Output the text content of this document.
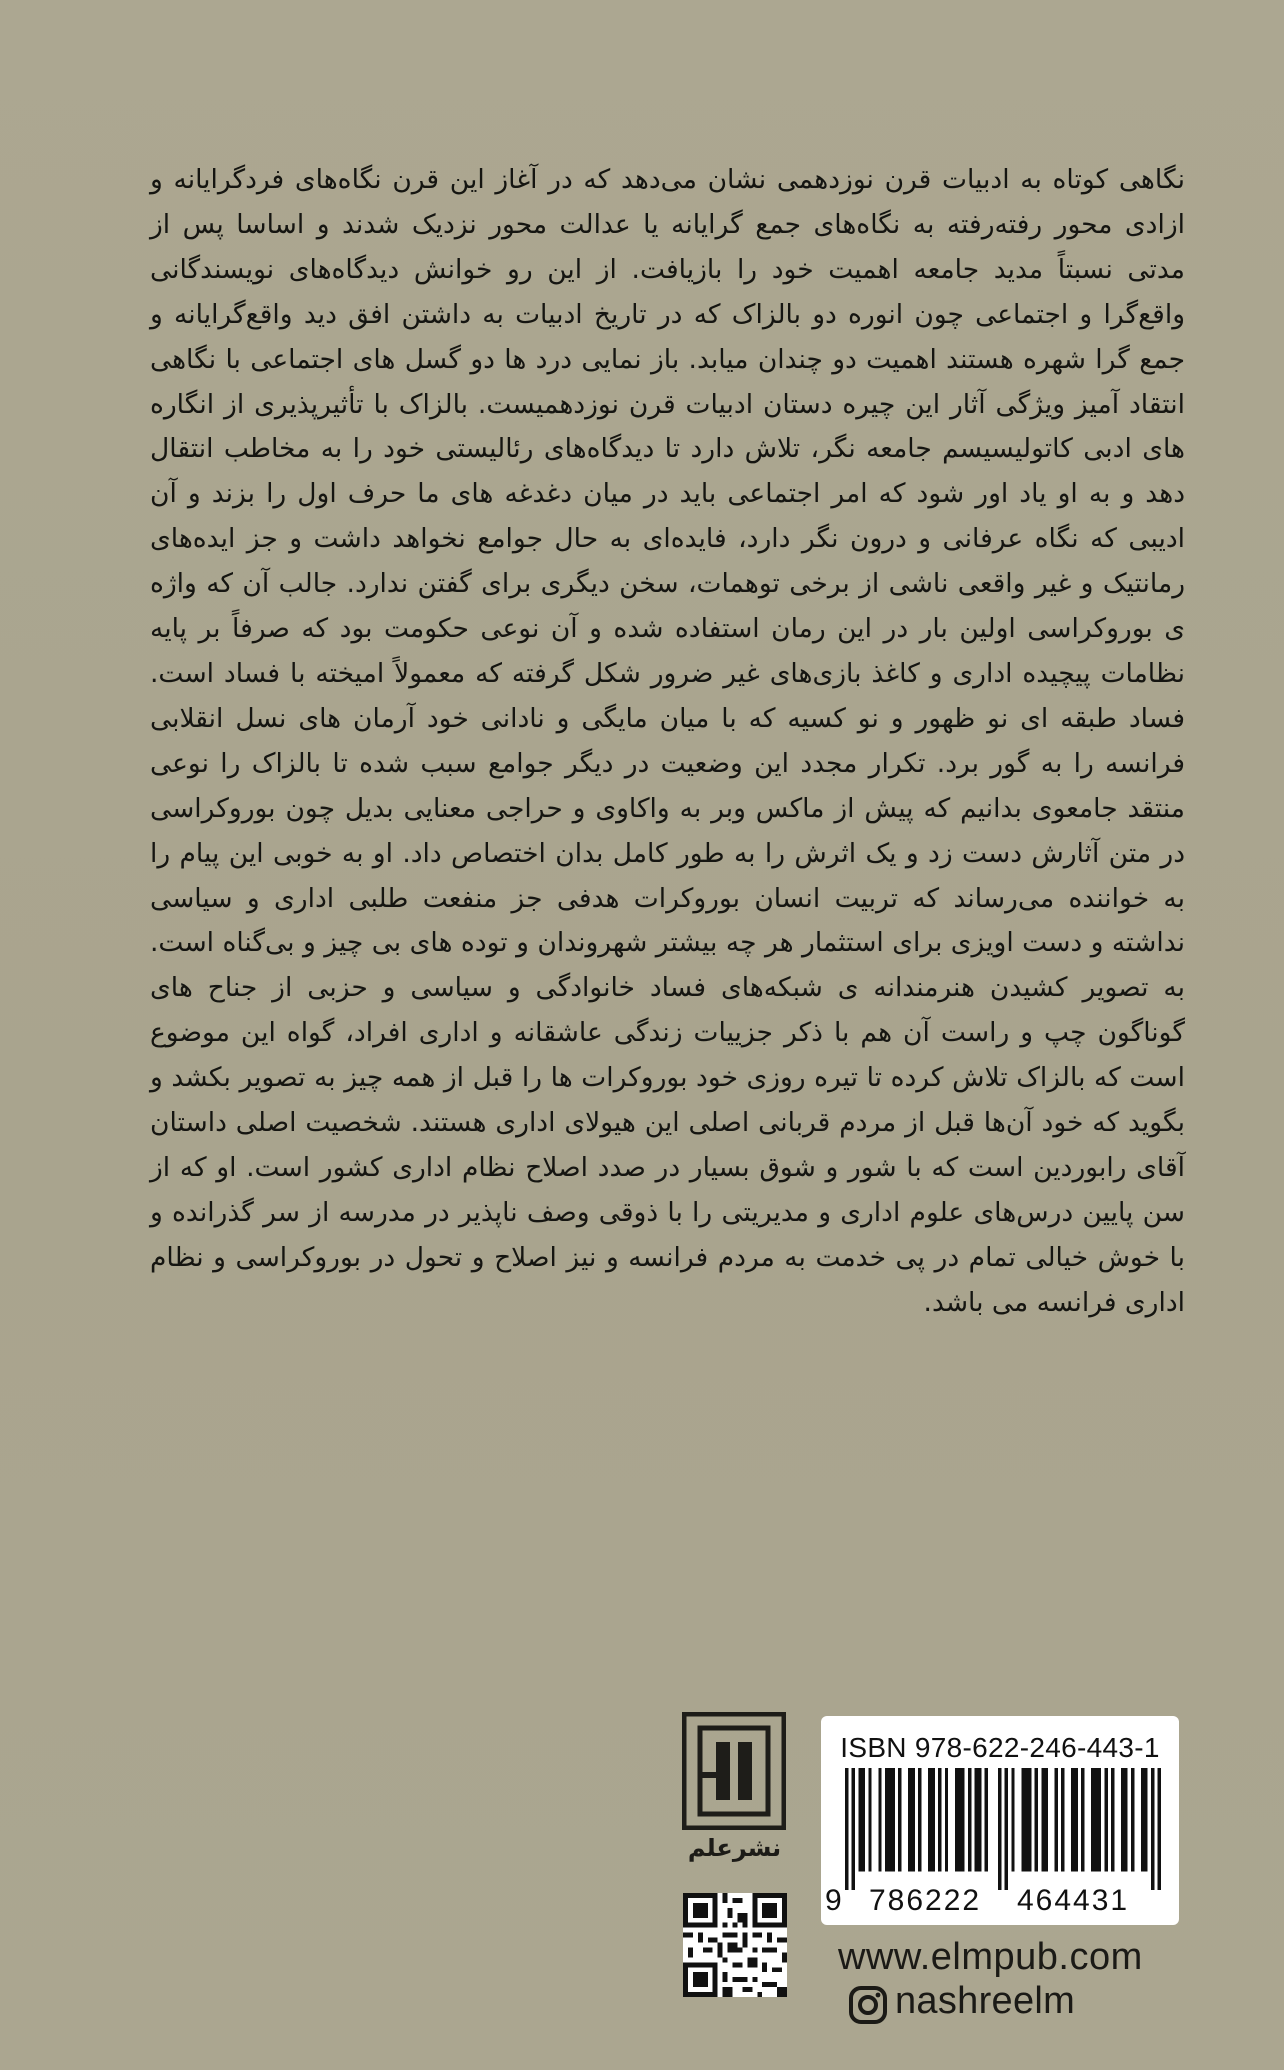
نگاهی کوتاه به ادبیات قرن نوزدهمی نشان می‌دهد که در آغاز این قرن نگاه‌های فردگرایانه و ازادی محور رفته‌رفته به نگاه‌های جمع گرایانه یا عدالت محور نزدیک شدند و اساسا پس از مدتی نسبتاً مدید جامعه اهمیت خود را بازیافت. از این رو خوانش دیدگاه‌های نویسندگانی واقع‌گرا و اجتماعی چون انوره دو بالزاک که در تاریخ ادبیات به داشتن افق دید واقع‌گرایانه و جمع گرا شهره هستند اهمیت دو چندان میابد. باز نمایی درد ها دو گسل های اجتماعی با نگاهی انتقاد آمیز ویژگی آثار این چیره دستان ادبیات قرن نوزدهمیست. بالزاک با تأثیرپذیری از انگاره های ادبی کاتولیسیسم جامعه نگر، تلاش دارد تا دیدگاه‌های رئالیستی خود را به مخاطب انتقال دهد و به او یاد اور شود که امر اجتماعی باید در میان دغدغه های ما حرف اول را بزند و آن ادیبی که نگاه عرفانی و درون نگر دارد، فایده‌ای به حال جوامع نخواهد داشت و جز ایده‌های رمانتیک و غیر واقعی ناشی از برخی توهمات، سخن دیگری برای گفتن ندارد. جالب آن که واژه ی بوروکراسی اولین بار در این رمان استفاده شده و آن نوعی حکومت بود که صرفاً بر پایه نظامات پیچیده اداری و کاغذ بازی‌های غیر ضرور شکل گرفته که معمولاً امیخته با فساد است. فساد طبقه ای نو ظهور و نو کسیه که با میان مایگی و نادانی خود آرمان های نسل انقلابی فرانسه را به گور برد. تکرار مجدد این وضعیت در دیگر جوامع سبب شده تا بالزاک را نوعی منتقد جامعوی بدانیم که پیش از ماکس وبر به واکاوی و حراجی معنایی بدیل چون بوروکراسی در متن آثارش دست زد و یک اثرش را به طور کامل بدان اختصاص داد. او به خوبی این پیام را به خواننده می‌رساند که تربیت انسان بوروکرات هدفی جز منفعت طلبی اداری و سیاسی نداشته و دست اویزی برای استثمار هر چه بیشتر شهروندان و توده های بی چیز و بی‌گناه است. به تصویر کشیدن هنرمندانه ی شبکه‌های فساد خانوادگی و سیاسی و حزبی از جناح های گوناگون چپ و راست آن هم با ذکر جزییات زندگی عاشقانه و اداری افراد، گواه این موضوع است که بالزاک تلاش کرده تا تیره روزی خود بوروکرات ها را قبل از همه چیز به تصویر بکشد و بگوید که خود آن‌ها قبل از مردم قربانی اصلی این هیولای اداری هستند. شخصیت اصلی داستان آقای رابوردین است که با شور و شوق بسیار در صدد اصلاح نظام اداری کشور است. او که از سن پایین درس‌های علوم اداری و مدیریتی را با ذوقی وصف ناپذیر در مدرسه از سر گذرانده و با خوش خیالی تمام در پی خدمت به مردم فرانسه و نیز اصلاح و تحول در بوروکراسی و نظام اداری فرانسه می باشد.

نشرعلم
ISBN 978-622-246-443-1
9 786222 464431
www.elmpub.com
nashreelm
